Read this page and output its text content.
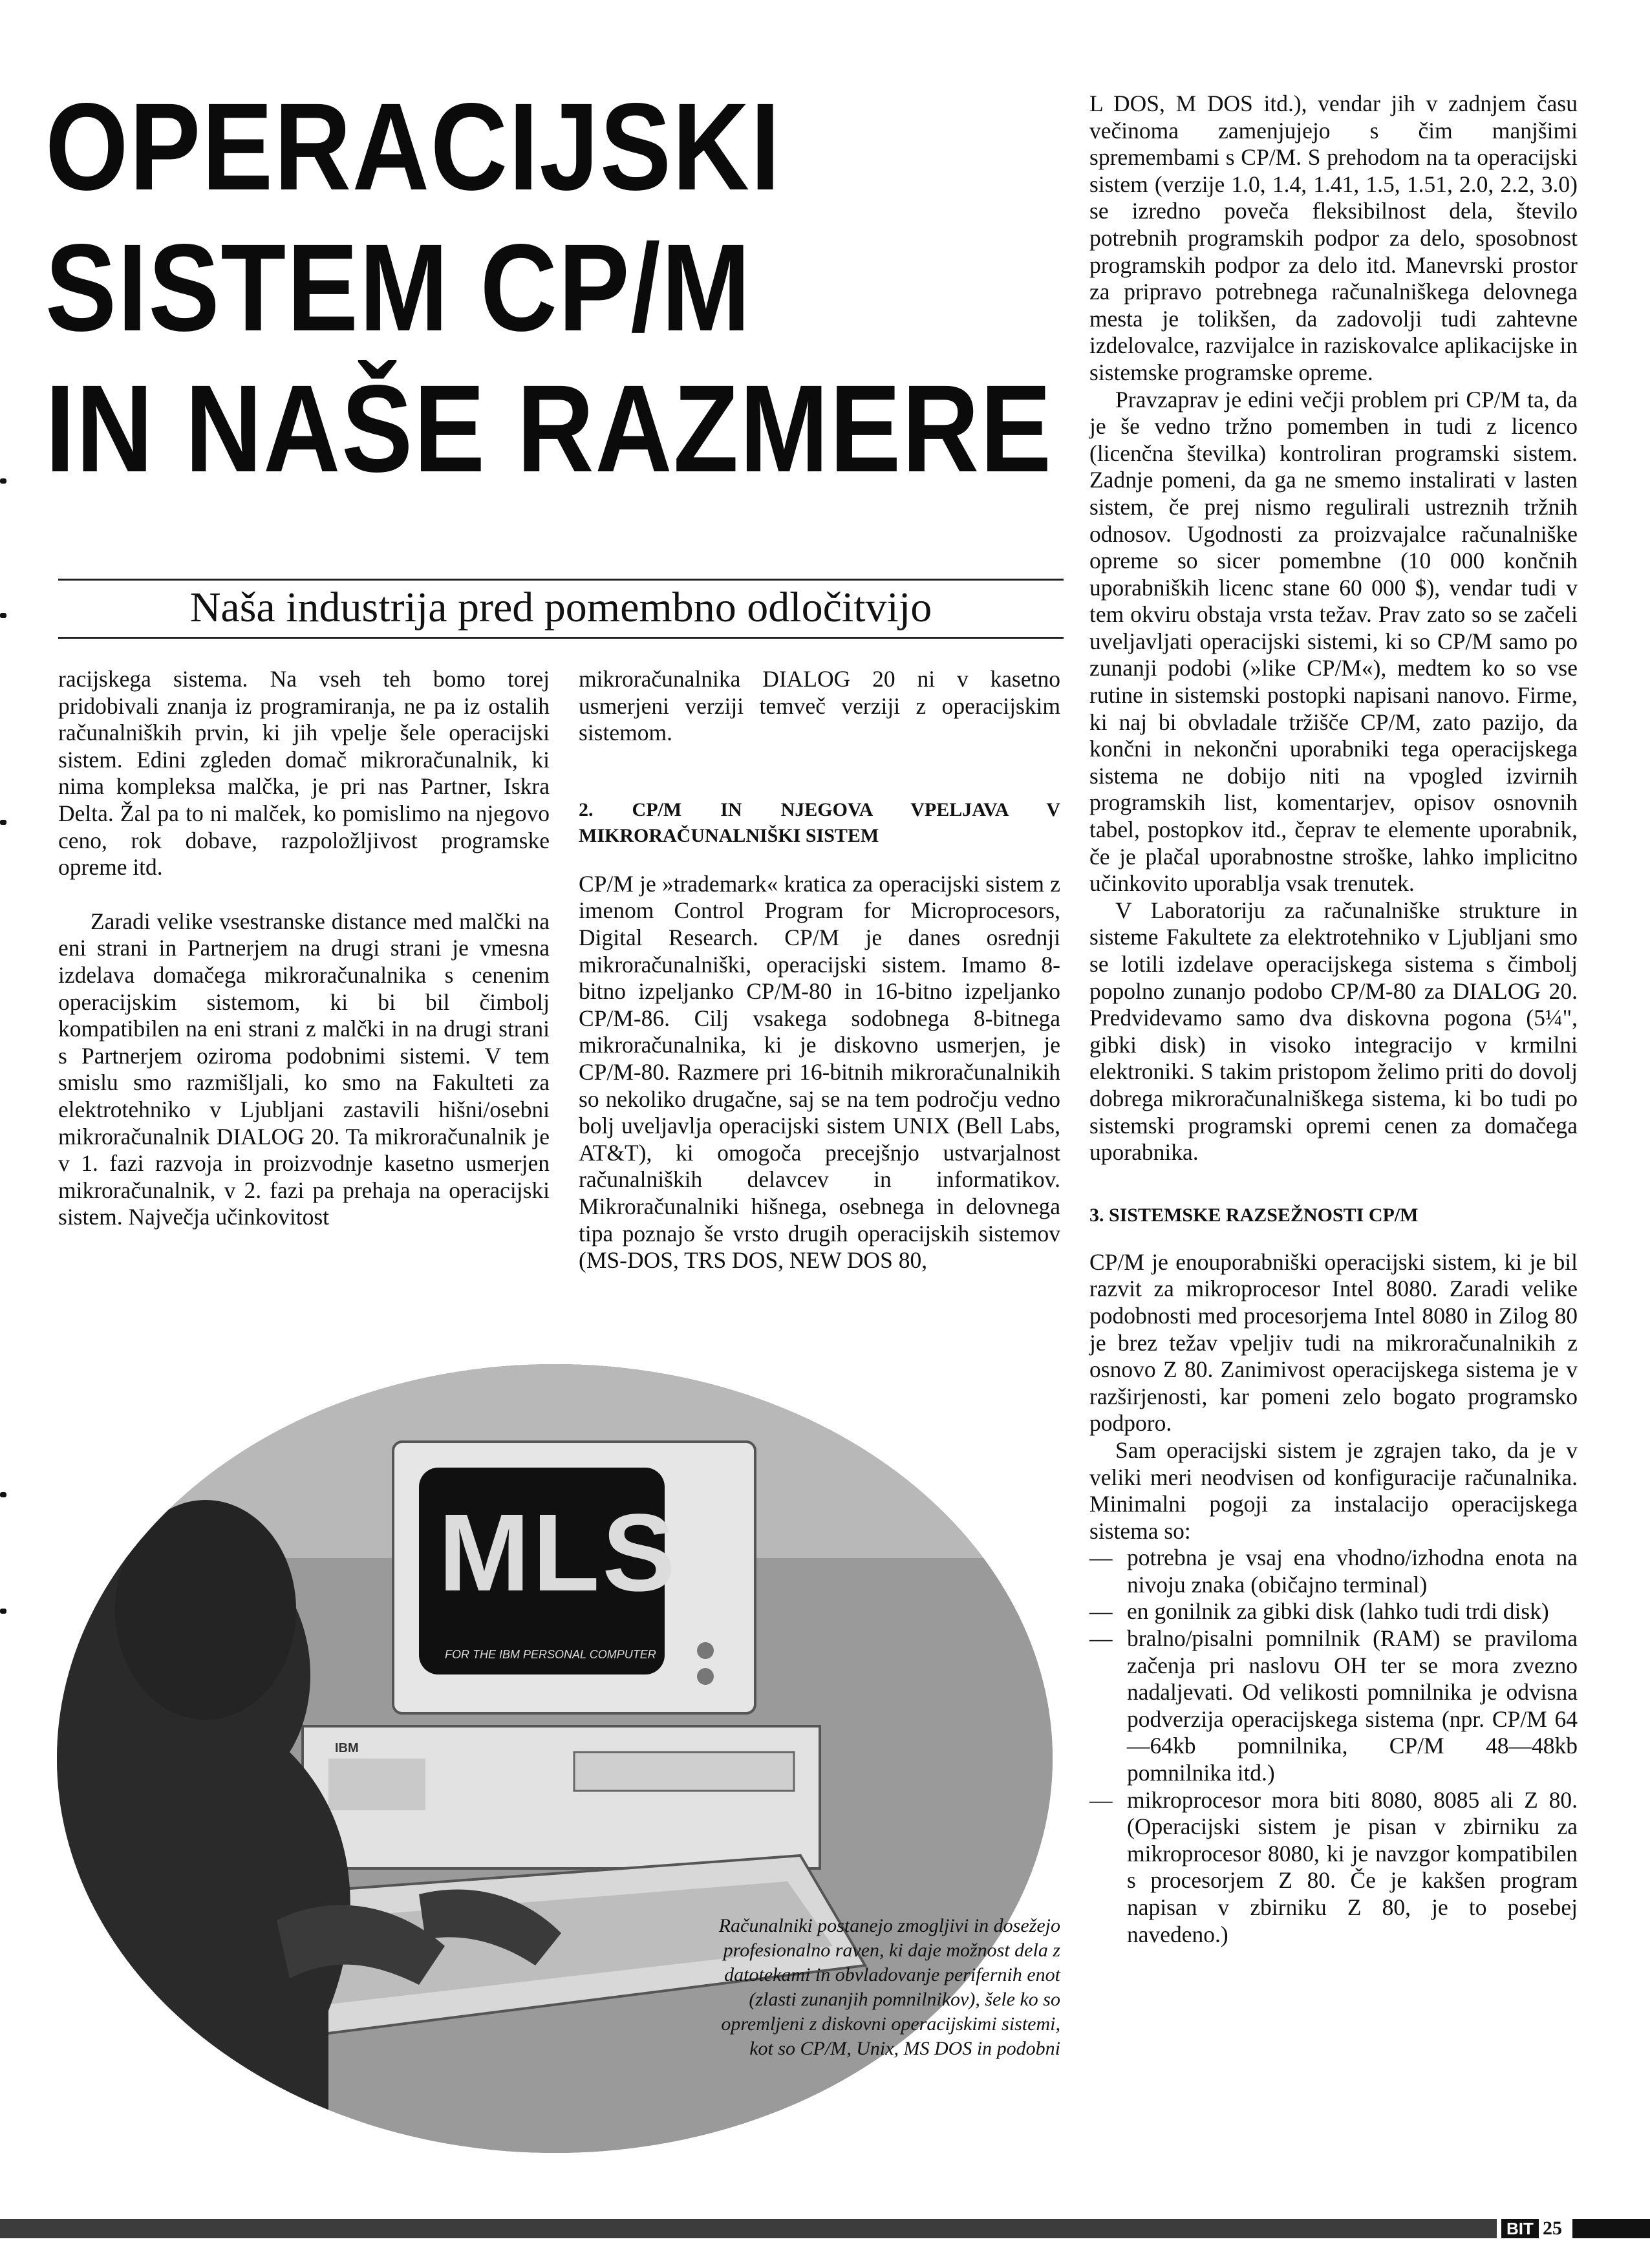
OPERACIJSKI
SISTEM CP/M
IN NAŠE RAZMERE
Naša industrija pred pomembno odločitvijo

racijskega sistema. Na vseh teh bomo torej pridobivali znanja iz programiranja, ne pa iz ostalih računalniških prvin, ki jih vpelje šele operacijski sistem. Edini zgleden domač mikroračunalnik, ki nima kompleksa malčka, je pri nas Partner, Iskra Delta. Žal pa to ni malček, ko pomislimo na njegovo ceno, rok dobave, razpoložljivost programske opreme itd.

Zaradi velike vsestranske distance med malčki na eni strani in Partnerjem na drugi strani je vmesna izdelava domačega mikroračunalnika s cenenim operacijskim sistemom, ki bi bil čimbolj kompatibilen na eni strani z malčki in na drugi strani s Partnerjem oziroma podobnimi sistemi. V tem smislu smo razmišljali, ko smo na Fakulteti za elektrotehniko v Ljubljani zastavili hišni/osebni mikroračunalnik DIALOG 20. Ta mikroračunalnik je v 1. fazi razvoja in proizvodnje kasetno usmerjen mikroračunalnik, v 2. fazi pa prehaja na operacijski sistem. Največja učinkovitost

mikroračunalnika DIALOG 20 ni v kasetno usmerjeni verziji temveč verziji z operacijskim sistemom.

2. CP/M IN NJEGOVA VPELJAVA V MIKRORAČUNALNIŠKI SISTEM

CP/M je »trademark« kratica za operacijski sistem z imenom Control Program for Microprocesors, Digital Research. CP/M je danes osrednji mikroračunalniški, operacijski sistem. Imamo 8-bitno izpeljanko CP/M-80 in 16-bitno izpeljanko CP/M-86. Cilj vsakega sodobnega 8-bitnega mikroračunalnika, ki je diskovno usmerjen, je CP/M-80. Razmere pri 16-bitnih mikroračunalnikih so nekoliko drugačne, saj se na tem področju vedno bolj uveljavlja operacijski sistem UNIX (Bell Labs, AT&T), ki omogoča precejšnjo ustvarjalnost računalniških delavcev in informatikov. Mikroračunalniki hišnega, osebnega in delovnega tipa poznajo še vrsto drugih operacijskih sistemov (MS-DOS, TRS DOS, NEW DOS 80,

L DOS, M DOS itd.), vendar jih v zadnjem času večinoma zamenjujejo s čim manjšimi spremembami s CP/M. S prehodom na ta operacijski sistem (verzije 1.0, 1.4, 1.41, 1.5, 1.51, 2.0, 2.2, 3.0) se izredno poveča fleksibilnost dela, število potrebnih programskih podpor za delo, sposobnost programskih podpor za delo itd. Manevrski prostor za pripravo potrebnega računalniškega delovnega mesta je tolikšen, da zadovolji tudi zahtevne izdelovalce, razvijalce in raziskovalce aplikacijske in sistemske programske opreme.

Pravzaprav je edini večji problem pri CP/M ta, da je še vedno tržno pomemben in tudi z licenco (licenčna številka) kontroliran programski sistem. Zadnje pomeni, da ga ne smemo instalirati v lasten sistem, če prej nismo regulirali ustreznih tržnih odnosov. Ugodnosti za proizvajalce računalniške opreme so sicer pomembne (10 000 končnih uporabniških licenc stane 60 000 $), vendar tudi v tem okviru obstaja vrsta težav. Prav zato so se začeli uveljavljati operacijski sistemi, ki so CP/M samo po zunanji podobi (»like CP/M«), medtem ko so vse rutine in sistemski postopki napisani nanovo. Firme, ki naj bi obvladale tržišče CP/M, zato pazijo, da končni in nekončni uporabniki tega operacijskega sistema ne dobijo niti na vpogled izvirnih programskih list, komentarjev, opisov osnovnih tabel, postopkov itd., čeprav te elemente uporabnik, če je plačal uporabnostne stroške, lahko implicitno učinkovito uporablja vsak trenutek.

V Laboratoriju za računalniške strukture in sisteme Fakultete za elektrotehniko v Ljubljani smo se lotili izdelave operacijskega sistema s čimbolj popolno zunanjo podobo CP/M-80 za DIALOG 20. Predvidevamo samo dva diskovna pogona (5¼", gibki disk) in visoko integracijo v krmilni elektroniki. S takim pristopom želimo priti do dovolj dobrega mikroračunalniškega sistema, ki bo tudi po sistemski programski opremi cenen za domačega uporabnika.

3. SISTEMSKE RAZSEŽNOSTI CP/M

CP/M je enouporabniški operacijski sistem, ki je bil razvit za mikroprocesor Intel 8080. Zaradi velike podobnosti med procesorjema Intel 8080 in Zilog 80 je brez težav vpeljiv tudi na mikroračunalnikih z osnovo Z 80. Zanimivost operacijskega sistema je v razširjenosti, kar pomeni zelo bogato programsko podporo.

Sam operacijski sistem je zgrajen tako, da je v veliki meri neodvisen od konfiguracije računalnika. Minimalni pogoji za instalacijo operacijskega sistema so:

— potrebna je vsaj ena vhodno/izhodna enota na nivoju znaka (običajno terminal)
— en gonilnik za gibki disk (lahko tudi trdi disk)
— bralno/pisalni pomnilnik (RAM) se praviloma začenja pri naslovu OH ter se mora zvezno nadaljevati. Od velikosti pomnilnika je odvisna podverzija operacijskega sistema (npr. CP/M 64—64kb pomnilnika, CP/M 48—48kb pomnilnika itd.)
— mikroprocesor mora biti 8080, 8085 ali Z 80. (Operacijski sistem je pisan v zbirniku za mikroprocesor 8080, ki je navzgor kompatibilen s procesorjem Z 80. Če je kakšen program napisan v zbirniku Z 80, je to posebej navedeno.)
MLS
FOR THE IBM PERSONAL COMPUTER
IBM
Računalniki postanejo zmogljivi in dosežejo profesionalno raven, ki daje možnost dela z datotekami in obvladovanje perifernih enot (zlasti zunanjih pomnilnikov), šele ko so opremljeni z diskovni operacijskimi sistemi, kot so CP/M, Unix, MS DOS in podobni
BIT 25
